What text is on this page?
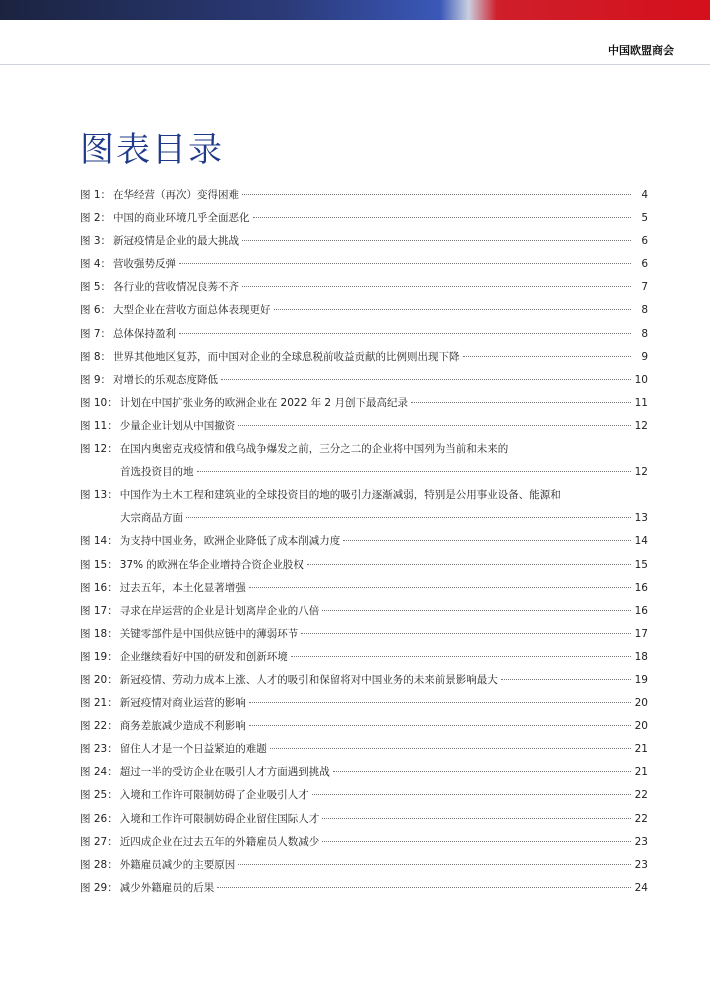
中国欧盟商会
图表目录
图 1： 在华经营（再次）变得困难	4
图 2： 中国的商业环境几乎全面恶化	5
图 3： 新冠疫情是企业的最大挑战	6
图 4： 营收强势反弹	6
图 5： 各行业的营收情况良莠不齐	7
图 6： 大型企业在营收方面总体表现更好	8
图 7： 总体保持盈利	8
图 8： 世界其他地区复苏，而中国对企业的全球息税前收益贡献的比例则出现下降	9
图 9： 对增长的乐观态度降低	10
图 10： 计划在中国扩张业务的欧洲企业在 2022 年 2 月创下最高纪录	11
图 11： 少量企业计划从中国撤资	12
图 12： 在国内奥密克戎疫情和俄乌战争爆发之前，三分之二的企业将中国列为当前和未来的
首选投资目的地	12
图 13： 中国作为土木工程和建筑业的全球投资目的地的吸引力逐渐减弱，特别是公用事业设备、能源和
大宗商品方面	13
图 14： 为支持中国业务，欧洲企业降低了成本削减力度	14
图 15： 37% 的欧洲在华企业增持合资企业股权	15
图 16： 过去五年，本土化显著增强	16
图 17： 寻求在岸运营的企业是计划离岸企业的八倍	16
图 18： 关键零部件是中国供应链中的薄弱环节	17
图 19： 企业继续看好中国的研发和创新环境	18
图 20： 新冠疫情、劳动力成本上涨、人才的吸引和保留将对中国业务的未来前景影响最大	19
图 21： 新冠疫情对商业运营的影响	20
图 22： 商务差旅减少造成不利影响	20
图 23： 留住人才是一个日益紧迫的难题	21
图 24： 超过一半的受访企业在吸引人才方面遇到挑战	21
图 25： 入境和工作许可限制妨碍了企业吸引人才	22
图 26： 入境和工作许可限制妨碍企业留住国际人才	22
图 27： 近四成企业在过去五年的外籍雇员人数减少	23
图 28： 外籍雇员减少的主要原因	23
图 29： 减少外籍雇员的后果	24
